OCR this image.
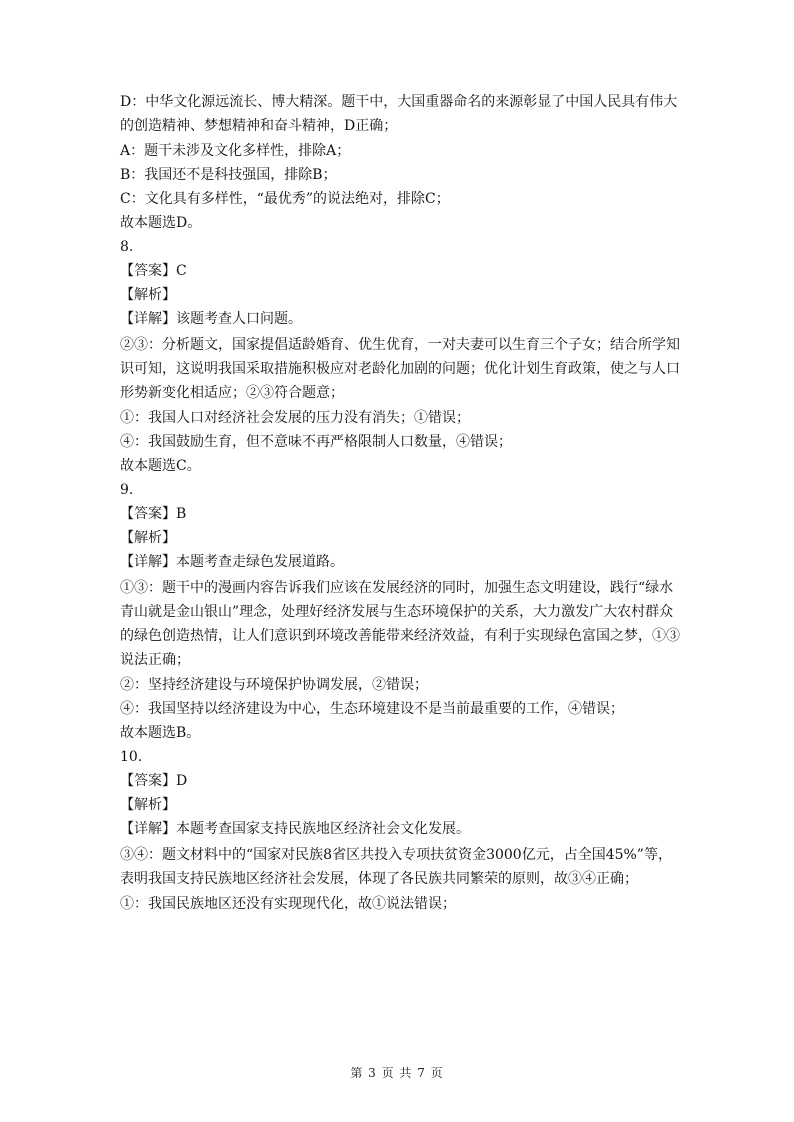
D：中华文化源远流长、博大精深。题干中，大国重器命名的来源彰显了中国人民具有伟大的创造精神、梦想精神和奋斗精神，D正确；

A：题干未涉及文化多样性，排除A；

B：我国还不是科技强国，排除B；

C：文化具有多样性，“最优秀”的说法绝对，排除C；

故本题选D。

8.

【答案】C

【解析】

【详解】该题考查人口问题。

②③：分析题文，国家提倡适龄婚育、优生优育，一对夫妻可以生育三个子女；结合所学知识可知，这说明我国采取措施积极应对老龄化加剧的问题；优化计划生育政策，使之与人口形势新变化相适应；②③符合题意；

①：我国人口对经济社会发展的压力没有消失；①错误；

④：我国鼓励生育，但不意味不再严格限制人口数量，④错误；

故本题选C。

9.

【答案】B

【解析】

【详解】本题考查走绿色发展道路。

①③：题干中的漫画内容告诉我们应该在发展经济的同时，加强生态文明建设，践行“绿水青山就是金山银山”理念，处理好经济发展与生态环境保护的关系，大力激发广大农村群众的绿色创造热情，让人们意识到环境改善能带来经济效益，有利于实现绿色富国之梦，①③说法正确；

②：坚持经济建设与环境保护协调发展，②错误；

④：我国坚持以经济建设为中心，生态环境建设不是当前最重要的工作，④错误；

故本题选B。

10.

【答案】D

【解析】

【详解】本题考查国家支持民族地区经济社会文化发展。

③④：题文材料中的“国家对民族8省区共投入专项扶贫资金3000亿元，占全国45%”等，表明我国支持民族地区经济社会发展，体现了各民族共同繁荣的原则，故③④正确；

①：我国民族地区还没有实现现代化，故①说法错误；

第 3 页 共 7 页
